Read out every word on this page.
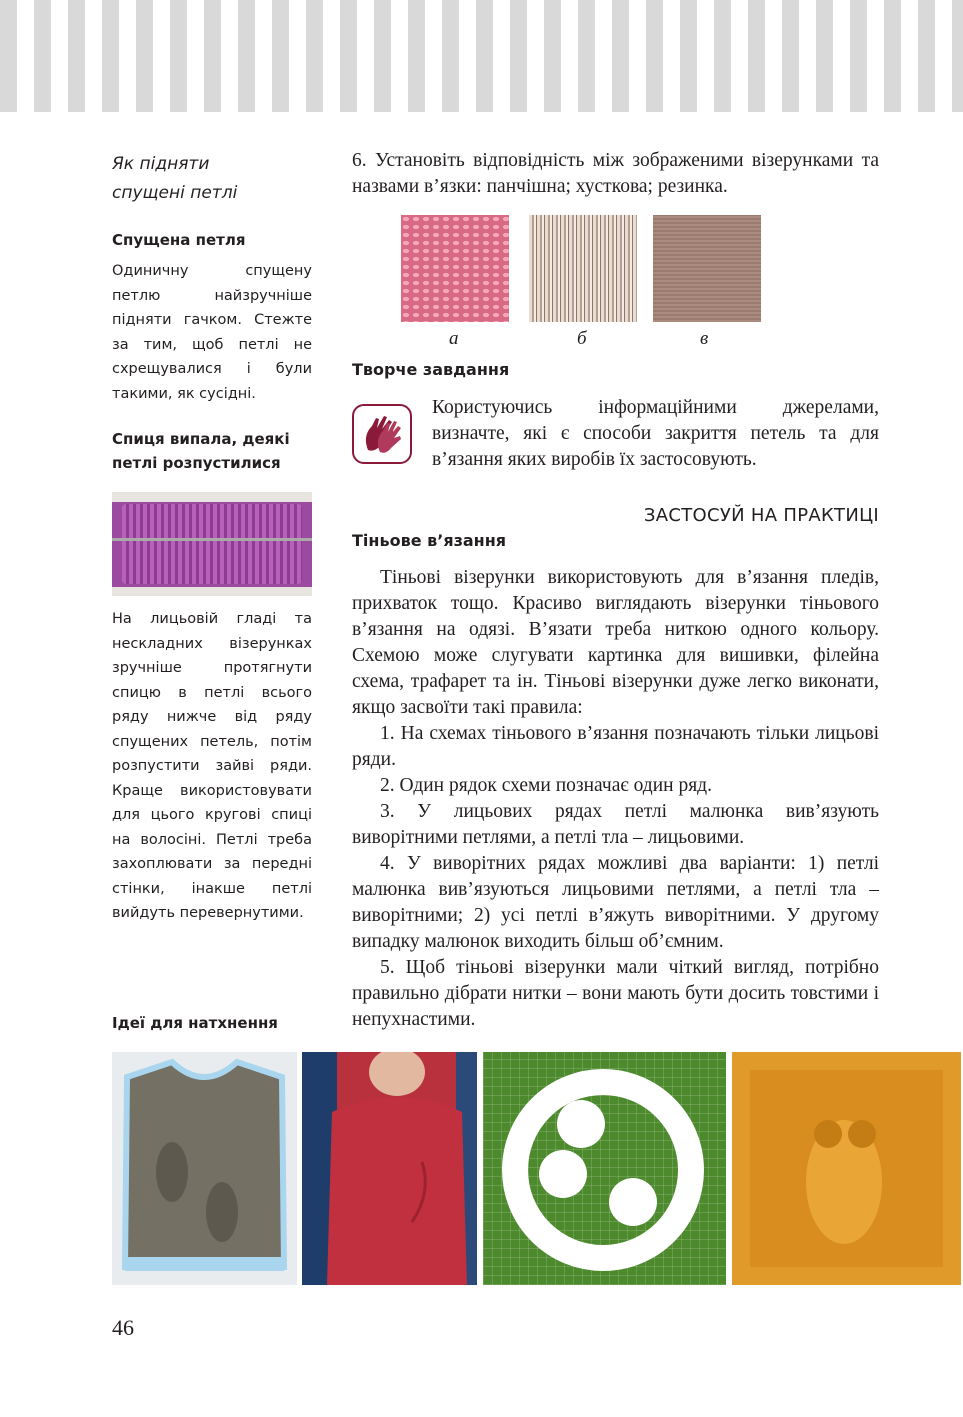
Як підняти
спущені петлі
Спущена петля
Одиничну спущену петлю найзручніше підняти гачком. Стежте за тим, щоб петлі не схрещувалися і були такими, як сусідні.
Спиця випала, деякі петлі розпустилися
На лицьовій гладі та нескладних візерунках зручніше протягнути спицю в петлі всього ряду нижче від ряду спущених петель, потім розпустити зайві ряди. Краще використовувати для цього кругові спиці на волосіні. Петлі треба захоплювати за передні стінки, інакше петлі вийдуть перевернутими.
Ідеї для натхнення
6. Установіть відповідність між зображеними візерунками та назвами в’язки: панчішна; хусткова; резинка.
а	б	в
Творче завдання
Користуючись інформаційними джерелами, визначте, які є способи закриття петель та для в’язання яких виробів їх застосовують.
ЗАСТОСУЙ НА ПРАКТИЦІ
Тіньове в’язання

Тіньові візерунки використовують для в’язання пледів, прихваток тощо. Красиво виглядають візерунки тіньового в’язання на одязі. В’язати треба ниткою одного кольору. Схемою може слугувати картинка для вишивки, філейна схема, трафарет та ін. Тіньові візерунки дуже легко виконати, якщо засвоїти такі правила:

1. На схемах тіньового в’язання позначають тільки лицьові ряди.

2. Один рядок схеми позначає один ряд.

3. У лицьових рядах петлі малюнка вив’язують виворітними петлями, а петлі тла – лицьовими.

4. У виворітних рядах можливі два варіанти: 1) петлі малюнка вив’язуються лицьовими петлями, а петлі тла – виворітними; 2) усі петлі в’яжуть виворітними. У другому випадку малюнок виходить більш об’ємним.

5. Щоб тіньові візерунки мали чіткий вигляд, потрібно правильно дібрати нитки – вони мають бути досить товстими і непухнастими.

46
